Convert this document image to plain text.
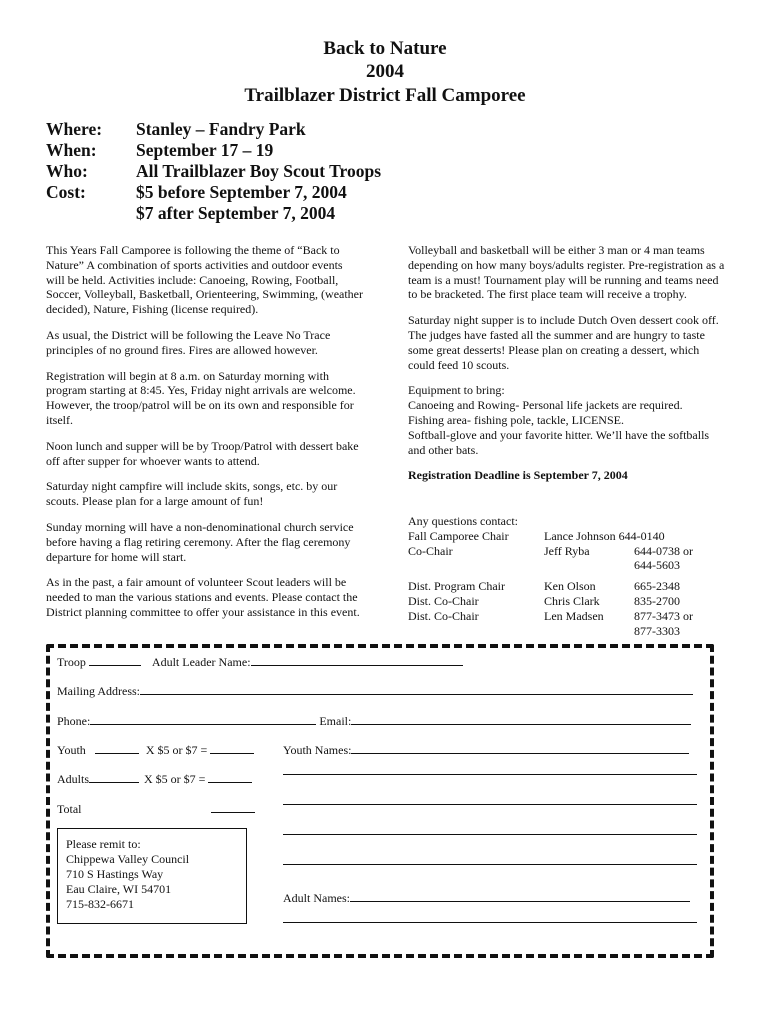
Back to Nature
2004
Trailblazer District Fall Camporee
Where:	Stanley – Fandry Park
When:	September 17 – 19
Who:	All Trailblazer Boy Scout Troops
Cost:	$5 before September 7, 2004
$7 after September 7, 2004

This Years Fall Camporee is following the theme of “Back to Nature” A combination of sports activities and outdoor events will be held. Activities include: Canoeing, Rowing, Football, Soccer, Volleyball, Basketball, Orienteering, Swimming, (weather decided), Nature, Fishing (license required).

As usual, the District will be following the Leave No Trace principles of no ground fires. Fires are allowed however.

Registration will begin at 8 a.m. on Saturday morning with program starting at 8:45. Yes, Friday night arrivals are welcome. However, the troop/patrol will be on its own and responsible for itself.

Noon lunch and supper will be by Troop/Patrol with dessert bake off after supper for whoever wants to attend.

Saturday night campfire will include skits, songs, etc. by our scouts. Please plan for a large amount of fun!

Sunday morning will have a non-denominational church service before having a flag retiring ceremony. After the flag ceremony departure for home will start.

As in the past, a fair amount of volunteer Scout leaders will be needed to man the various stations and events. Please contact the District planning committee to offer your assistance in this event.

Volleyball and basketball will be either 3 man or 4 man teams depending on how many boys/adults register. Pre-registration as a team is a must! Tournament play will be running and teams need to be bracketed. The first place team will receive a trophy.

Saturday night supper is to include Dutch Oven dessert cook off. The judges have fasted all the summer and are hungry to taste some great desserts! Please plan on creating a dessert, which could feed 10 scouts.

Equipment to bring:
Canoeing and Rowing- Personal life jackets are required.
Fishing area- fishing pole, tackle, LICENSE.
Softball-glove and your favorite hitter. We’ll have the softballs and other bats.

Registration Deadline is September 7, 2004

Any questions contact:
Fall Camporee Chair	Lance Johnson 644-0140
Co-Chair	Jeff Ryba	644-0738 or
644-5603
Dist. Program Chair	Ken Olson	665-2348
Dist. Co-Chair	Chris Clark	835-2700
Dist. Co-Chair	Len Madsen	877-3473 or
877-3303
Troop	Adult Leader Name:
Mailing Address:
Phone:	Email:
Youth	X $5 or $7 =	Youth Names:
Adults	X $5 or $7 =
Total
Adult Names:
Please remit to:
Chippewa Valley Council
710 S Hastings Way
Eau Claire, WI 54701
715-832-6671
